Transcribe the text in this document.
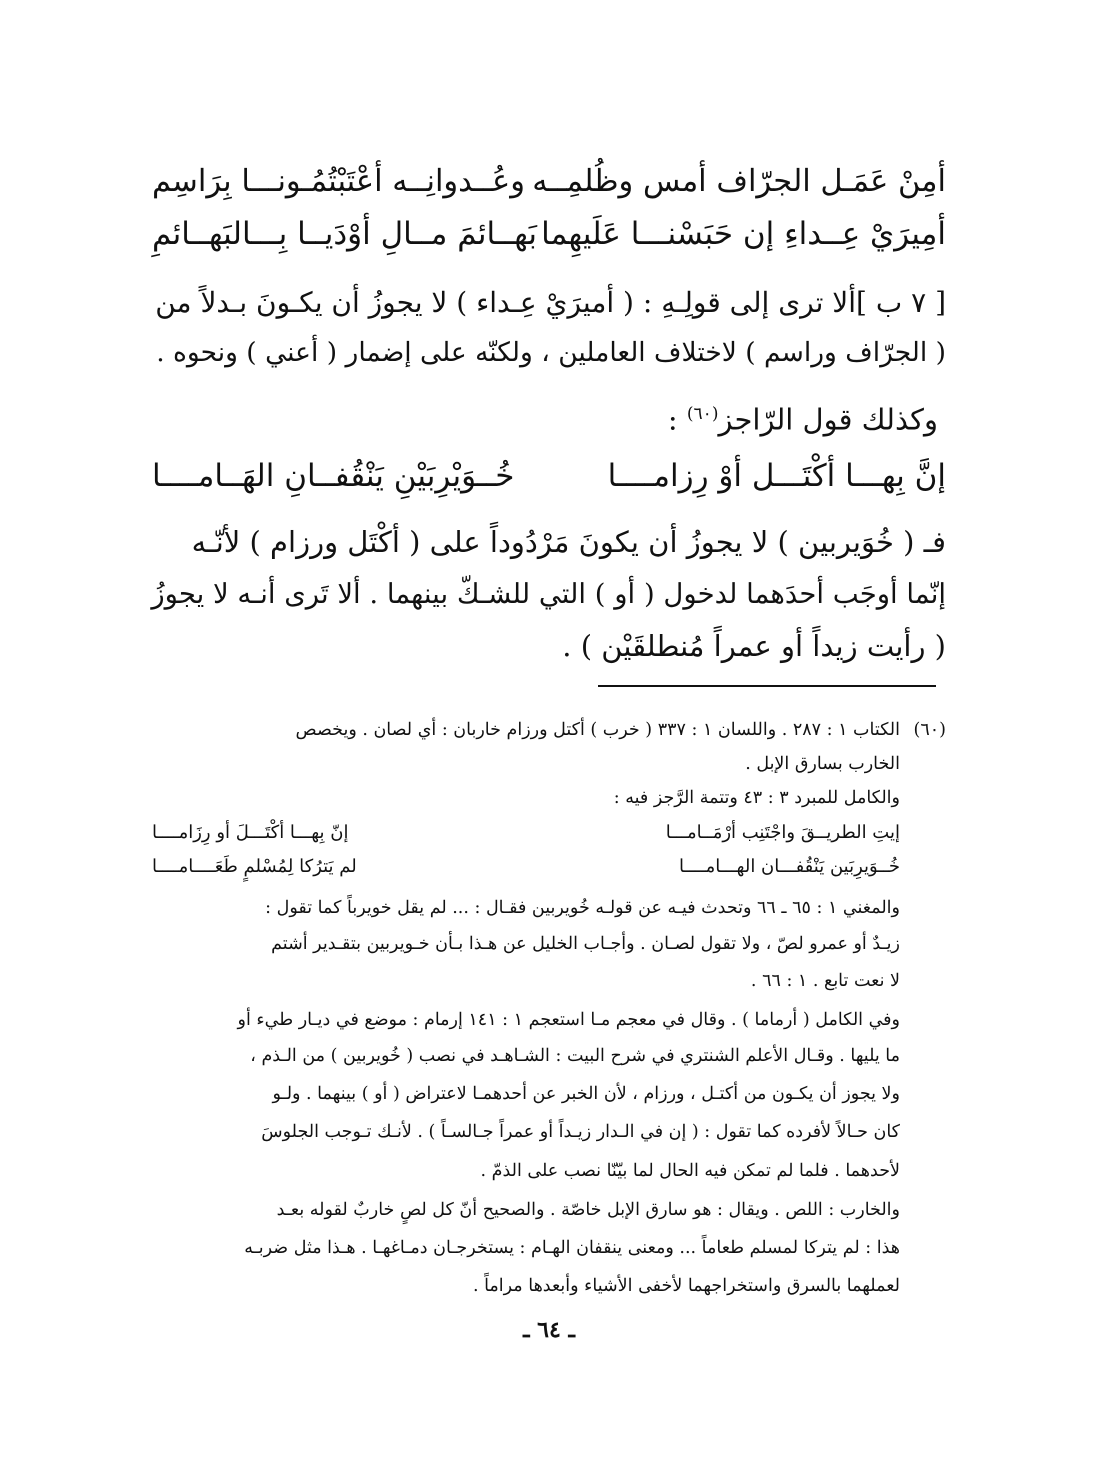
أمِنْ عَمَـل الجرّاف أمس وظُلمِــه
وعُــدوانِــه أعْتَبْتُمُـونـــا بِرَاسِم
أمِيرَيْ عِــداءِ إن حَبَسْنـــا عَلَيهِما
بَهــائمَ مــالِ أوْدَيــا بِـــالبَهــائمِ
[ ٧ ب ]ألا ترى إلى قولِـهِ : ( أميرَيْ عِـداء ) لا يجوزُ أن يكـونَ بـدلاً من
( الجرّاف وراسم ) لاختلاف العاملين ، ولكنّه على إضمار ( أعني ) ونحوه .
وكذلك قول الرّاجز$^{(٦٠)}$ :
إنَّ بِهـــا أكْتَـــل أوْ رِزامــــا
خُــوَيْرِبَيْنِ يَنْقُفــانِ الهَــامــــا
فـ ( خُوَيربين ) لا يجوزُ أن يكونَ مَرْدُوداً على ( أكْتَل ورزام ) لأنّـه
إنّما أوجَب أحدَهما لدخول ( أو ) التي للشـكّ بينهما . ألا تَرى أنـه لا يجوزُ
( رأيت زيداً أو عمراً مُنطلقَيْن ) .
(٦٠)
الكتاب ١ : ٢٨٧ . واللسان ١ : ٣٣٧ ( خرب ) أكتل ورزام خاربان : أي لصان . ويخصص
الخارب بسارق الإبل .
والكامل للمبرد ٣ : ٤٣ وتتمة الرَّجز فيه :
إيتِ الطريــقَ واجْتَنِب أرْمَــامـــا
إنّ بِهـــا أكْتَـــلَ أو رِزَامــــا
خُــوَيرِبَين يَنْقُفـــان الهـــامــــا
لم يَترُكا لِمُسْلمٍ طَعَــــامــــا
والمغني ١ : ٦٥ ـ ٦٦ وتحدث فيـه عن قولـه خُويربين فقـال : ... لم يقل خويرباً كما تقول :
زيـدٌ أو عمرو لصّ ، ولا تقول لصـان . وأجـاب الخليل عن هـذا بـأن خـويربين بتقـدير أشتم
لا نعت تابع . ١ : ٦٦ .
وفي الكامل ( أرماما ) . وقال في معجم مـا استعجم ١ : ١٤١ إرمام : موضع في ديـار طيء أو
ما يليها . وقـال الأعلم الشنتري في شرح البيت : الشـاهـد في نصب ( خُويربين ) من الـذم ،
ولا يجوز أن يكـون من أكتـل ، ورزام ، لأن الخبر عن أحدهمـا لاعتراض ( أو ) بينهما . ولـو
كان حـالاً لأفرده كما تقول : ( إن في الـدار زيـداً أو عمراً جـالسـاً ) . لأنـك تـوجب الجلوسَ
لأحدهما . فلما لم تمكن فيه الحال لما بيّنّا نصب على الذمّ .
والخارب : اللص . ويقال : هو سارق الإبل خاصّة . والصحيح أنّ كل لصٍ خاربٌ لقوله بعـد
هذا : لم يتركا لمسلم طعاماً ... ومعنى ينقفان الهـام : يستخرجـان دمـاغهـا . هـذا مثل ضربـه
لعملهما بالسرق واستخراجهما لأخفى الأشياء وأبعدها مراماً .
ـ ٦٤ ـ
